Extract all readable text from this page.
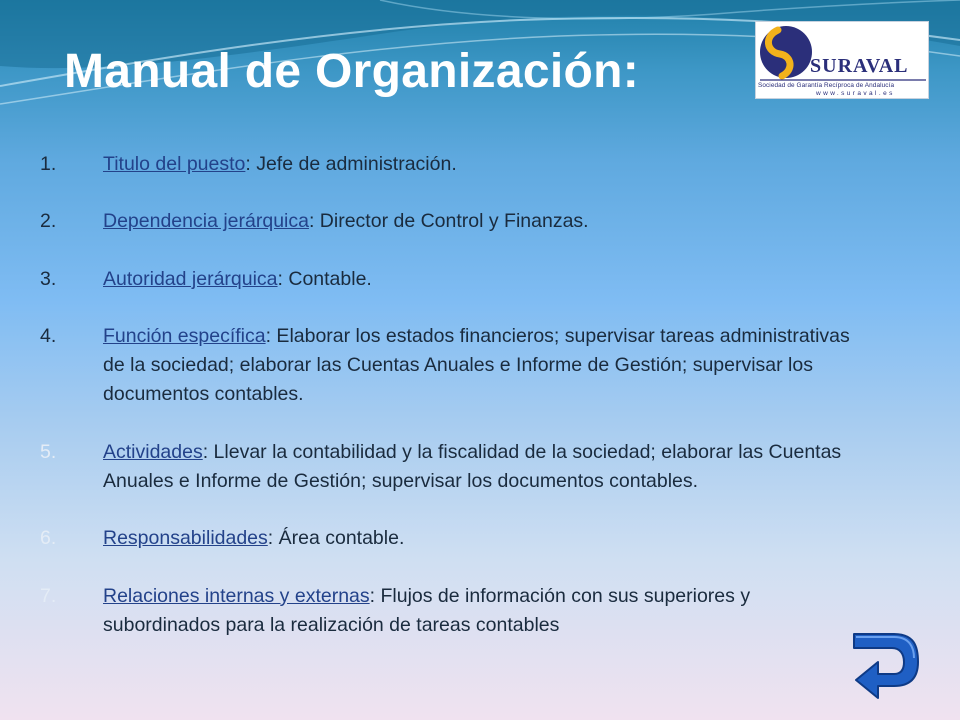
Manual de Organización:	SURAVAL
Sociedad de Garantía Recíproca de Andalucía
www.suraval.es
1.	Titulo del puesto: Jefe de administración.
2.	Dependencia jerárquica: Director de Control y Finanzas.
3.	Autoridad jerárquica: Contable.
4.	Función específica: Elaborar los estados financieros; supervisar tareas administrativas de la sociedad; elaborar las Cuentas Anuales e Informe de Gestión; supervisar los documentos contables.
5.	Actividades: Llevar la contabilidad y la fiscalidad de la sociedad; elaborar las Cuentas Anuales e Informe de Gestión; supervisar los documentos contables.
6.	Responsabilidades: Área contable.
7.	Relaciones internas y externas: Flujos de información con sus superiores y subordinados para la realización de tareas contables
